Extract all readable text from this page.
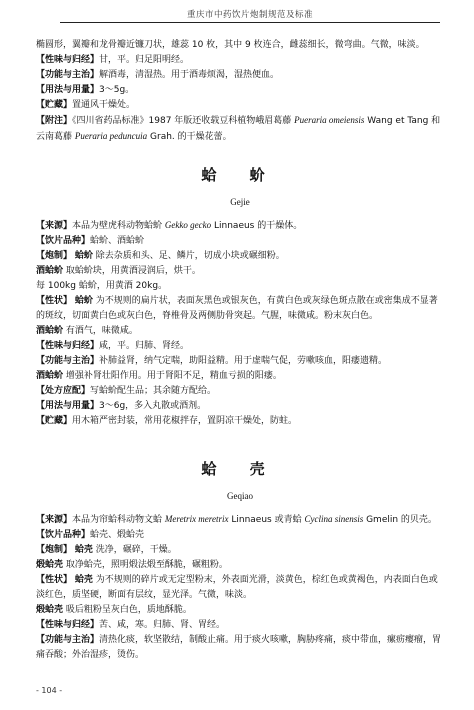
重庆市中药饮片炮制规范及标准

椭圆形，翼瓣和龙骨瓣近镰刀状，雄蕊 10 枚，其中 9 枚连合，雌蕊细长，微弯曲。气微，味淡。

【性味与归经】甘，平。归足阳明经。

【功能与主治】解酒毒，清湿热。用于酒毒烦渴，湿热便血。

【用法与用量】3～5g。

【贮藏】置通风干燥处。

【附注】《四川省药品标准》1987 年版还收载豆科植物峨眉葛藤 Pueraria omeiensis Wang et Tang 和云南葛藤 Pueraria peduncuia Grah. 的干燥花蕾。

蛤 蚧
Gejie

【来源】本品为壁虎科动物蛤蚧 Gekko gecko Linnaeus 的干燥体。

【饮片品种】蛤蚧、酒蛤蚧

【炮制】 蛤蚧 除去杂质和头、足、鳞片，切成小块或碾细粉。

酒蛤蚧 取蛤蚧块，用黄酒浸润后，烘干。

每 100kg 蛤蚧，用黄酒 20kg。

【性状】 蛤蚧 为不规则的扁片状，表面灰黑色或银灰色，有黄白色或灰绿色斑点散在或密集成不显著的斑纹，切面黄白色或灰白色，脊椎骨及两侧肋骨突起。气腥，味微咸。粉末灰白色。

酒蛤蚧 有酒气，味微咸。

【性味与归经】咸，平。归肺、肾经。

【功能与主治】补肺益肾，纳气定喘，助阳益精。用于虚喘气促，劳嗽咳血，阳痿遗精。

酒蛤蚧 增强补肾壮阳作用。用于肾阳不足，精血亏损的阳痿。

【处方应配】写蛤蚧配生品；其余随方配给。

【用法与用量】3～6g，多入丸散或酒剂。

【贮藏】用木箱严密封装，常用花椒拌存，置阴凉干燥处，防蛀。

蛤 壳
Geqiao

【来源】本品为帘蛤科动物文蛤 Meretrix meretrix Linnaeus 或青蛤 Cyclina sinensis Gmelin 的贝壳。

【饮片品种】蛤壳、煅蛤壳

【炮制】 蛤壳 洗净，碾碎，干燥。

煅蛤壳 取净蛤壳，照明煅法煅至酥脆，碾粗粉。

【性状】 蛤壳 为不规则的碎片或无定型粉末，外表面光滑，淡黄色，棕红色或黄褐色，内表面白色或淡红色，质坚硬，断面有层纹，显光泽。气微，味淡。

煅蛤壳 吸后粗粉呈灰白色，质地酥脆。

【性味与归经】苦、咸，寒。归肺、肾、胃经。

【功能与主治】清热化痰，软坚散结，制酸止痛。用于痰火咳嗽，胸胁疼痛，痰中带血，瘰疬瘿瘤，胃痛吞酸；外治湿疹，烫伤。

- 104 -
